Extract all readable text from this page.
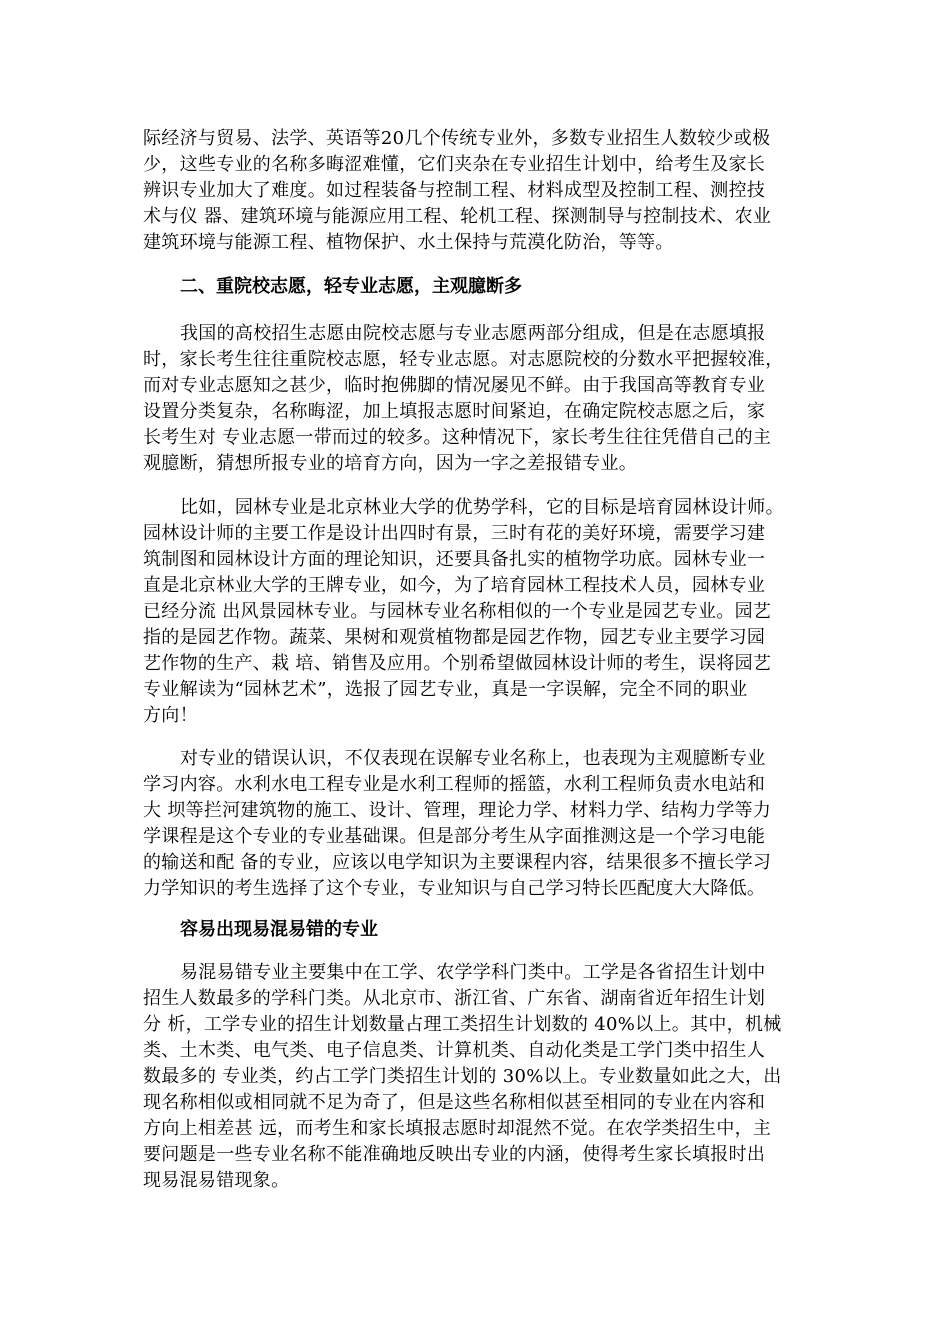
际经济与贸易、法学、英语等20几个传统专业外，多数专业招生人数较少或极
少，这些专业的名称多晦涩难懂，它们夹杂在专业招生计划中，给考生及家长
辨识专业加大了难度。如过程装备与控制工程、材料成型及控制工程、测控技
术与仪 器、建筑环境与能源应用工程、轮机工程、探测制导与控制技术、农业
建筑环境与能源工程、植物保护、水土保持与荒漠化防治，等等。
二、重院校志愿，轻专业志愿，主观臆断多
我国的高校招生志愿由院校志愿与专业志愿两部分组成，但是在志愿填报
时，家长考生往往重院校志愿，轻专业志愿。对志愿院校的分数水平把握较准，
而对专业志愿知之甚少，临时抱佛脚的情况屡见不鲜。由于我国高等教育专业
设置分类复杂，名称晦涩，加上填报志愿时间紧迫，在确定院校志愿之后，家
长考生对 专业志愿一带而过的较多。这种情况下，家长考生往往凭借自己的主
观臆断，猜想所报专业的培育方向，因为一字之差报错专业。
比如，园林专业是北京林业大学的优势学科，它的目标是培育园林设计师。
园林设计师的主要工作是设计出四时有景，三时有花的美好环境，需要学习建
筑制图和园林设计方面的理论知识，还要具备扎实的植物学功底。园林专业一
直是北京林业大学的王牌专业，如今，为了培育园林工程技术人员，园林专业
已经分流 出风景园林专业。与园林专业名称相似的一个专业是园艺专业。园艺
指的是园艺作物。蔬菜、果树和观赏植物都是园艺作物，园艺专业主要学习园
艺作物的生产、栽 培、销售及应用。个别希望做园林设计师的考生，误将园艺
专业解读为“园林艺术”，选报了园艺专业，真是一字误解，完全不同的职业
方向！
对专业的错误认识，不仅表现在误解专业名称上，也表现为主观臆断专业
学习内容。水利水电工程专业是水利工程师的摇篮，水利工程师负责水电站和
大 坝等拦河建筑物的施工、设计、管理，理论力学、材料力学、结构力学等力
学课程是这个专业的专业基础课。但是部分考生从字面推测这是一个学习电能
的输送和配 备的专业，应该以电学知识为主要课程内容，结果很多不擅长学习
力学知识的考生选择了这个专业，专业知识与自己学习特长匹配度大大降低。
容易出现易混易错的专业
易混易错专业主要集中在工学、农学学科门类中。工学是各省招生计划中
招生人数最多的学科门类。从北京市、浙江省、广东省、湖南省近年招生计划
分 析，工学专业的招生计划数量占理工类招生计划数的 40%以上。其中，机械
类、土木类、电气类、电子信息类、计算机类、自动化类是工学门类中招生人
数最多的 专业类，约占工学门类招生计划的 30%以上。专业数量如此之大，出
现名称相似或相同就不足为奇了，但是这些名称相似甚至相同的专业在内容和
方向上相差甚 远，而考生和家长填报志愿时却混然不觉。在农学类招生中，主
要问题是一些专业名称不能准确地反映出专业的内涵，使得考生家长填报时出
现易混易错现象。
